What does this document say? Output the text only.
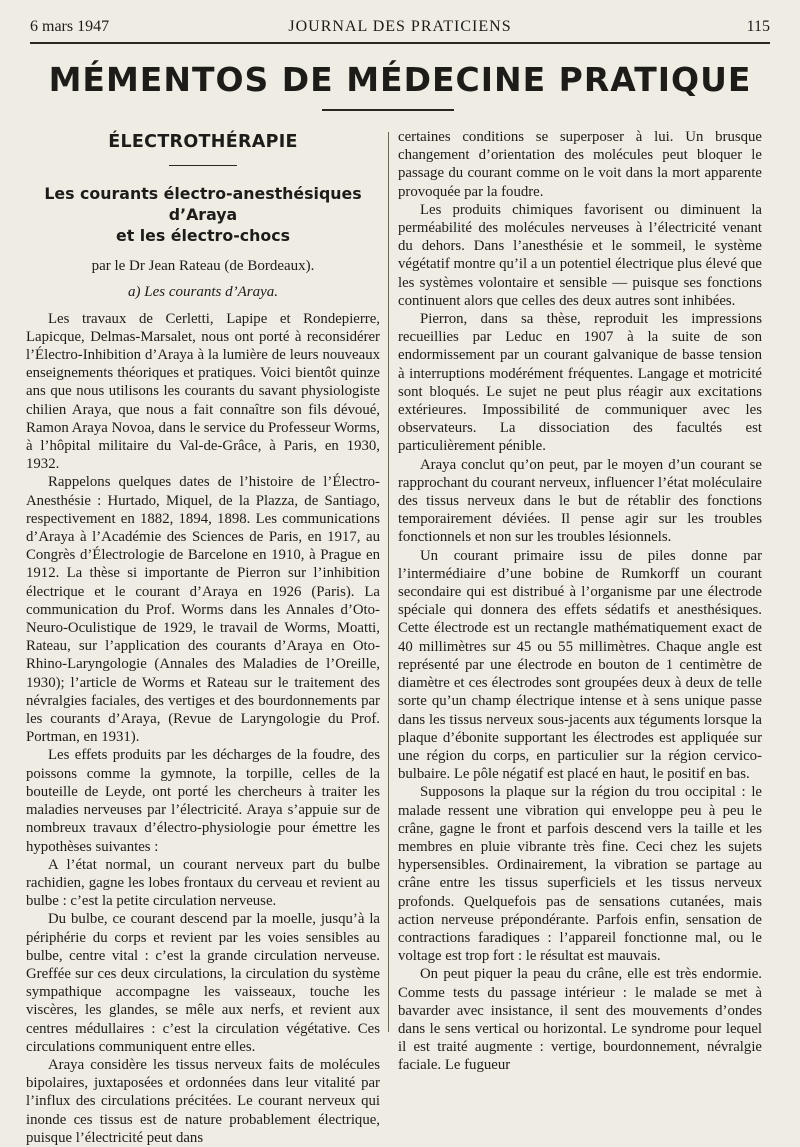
6 mars 1947	JOURNAL DES PRATICIENS	115
MÉMENTOS DE MÉDECINE PRATIQUE
ÉLECTROTHÉRAPIE
Les courants électro-anesthésiques d’Araya
et les électro-chocs
par le Dr Jean Rateau (de Bordeaux).
a) Les courants d’Araya.

Les travaux de Cerletti, Lapipe et Rondepierre, Lapicque, Delmas-Marsalet, nous ont porté à reconsidérer l’Électro-Inhibition d’Araya à la lumière de leurs nouveaux enseignements théoriques et pratiques. Voici bientôt quinze ans que nous utilisons les courants du savant physiologiste chilien Araya, que nous a fait connaître son fils dévoué, Ramon Araya Novoa, dans le service du Professeur Worms, à l’hôpital militaire du Val-de-Grâce, à Paris, en 1930, 1932.

Rappelons quelques dates de l’histoire de l’Électro-Anesthésie : Hurtado, Miquel, de la Plazza, de Santiago, respectivement en 1882, 1894, 1898. Les communications d’Araya à l’Académie des Sciences de Paris, en 1917, au Congrès d’Électrologie de Barcelone en 1910, à Prague en 1912. La thèse si importante de Pierron sur l’inhibition électrique et le courant d’Araya en 1926 (Paris). La communication du Prof. Worms dans les Annales d’Oto-Neuro-Oculistique de 1929, le travail de Worms, Moatti, Rateau, sur l’application des courants d’Araya en Oto-Rhino-Laryngologie (Annales des Maladies de l’Oreille, 1930); l’article de Worms et Rateau sur le traitement des névralgies faciales, des vertiges et des bourdonnements par les courants d’Araya, (Revue de Laryngologie du Prof. Portman, en 1931).

Les effets produits par les décharges de la foudre, des poissons comme la gymnote, la torpille, celles de la bouteille de Leyde, ont porté les chercheurs à traiter les maladies nerveuses par l’électricité. Araya s’appuie sur de nombreux travaux d’électro-physiologie pour émettre les hypothèses suivantes :

A l’état normal, un courant nerveux part du bulbe rachidien, gagne les lobes frontaux du cerveau et revient au bulbe : c’est la petite circulation nerveuse.

Du bulbe, ce courant descend par la moelle, jusqu’à la périphérie du corps et revient par les voies sensibles au bulbe, centre vital : c’est la grande circulation nerveuse. Greffée sur ces deux circulations, la circulation du système sympathique accompagne les vaisseaux, touche les viscères, les glandes, se mêle aux nerfs, et revient aux centres médullaires : c’est la circulation végétative. Ces circulations communiquent entre elles.

Araya considère les tissus nerveux faits de molécules bipolaires, juxtaposées et ordonnées dans leur vitalité par l’influx des circulations précitées. Le courant nerveux qui inonde ces tissus est de nature probablement électrique, puisque l’électricité peut dans

certaines conditions se superposer à lui. Un brusque changement d’orientation des molécules peut bloquer le passage du courant comme on le voit dans la mort apparente provoquée par la foudre.

Les produits chimiques favorisent ou diminuent la perméabilité des molécules nerveuses à l’électricité venant du dehors. Dans l’anesthésie et le sommeil, le système végétatif montre qu’il a un potentiel électrique plus élevé que les systèmes volontaire et sensible — puisque ses fonctions continuent alors que celles des deux autres sont inhibées.

Pierron, dans sa thèse, reproduit les impressions recueillies par Leduc en 1907 à la suite de son endormissement par un courant galvanique de basse tension à interruptions modérément fréquentes. Langage et motricité sont bloqués. Le sujet ne peut plus réagir aux excitations extérieures. Impossibilité de communiquer avec les observateurs. La dissociation des facultés est particulièrement pénible.

Araya conclut qu’on peut, par le moyen d’un courant se rapprochant du courant nerveux, influencer l’état moléculaire des tissus nerveux dans le but de rétablir des fonctions temporairement déviées. Il pense agir sur les troubles fonctionnels et non sur les troubles lésionnels.

Un courant primaire issu de piles donne par l’intermédiaire d’une bobine de Rumkorff un courant secondaire qui est distribué à l’organisme par une électrode spéciale qui donnera des effets sédatifs et anesthésiques. Cette électrode est un rectangle mathématiquement exact de 40 millimètres sur 45 ou 55 millimètres. Chaque angle est représenté par une électrode en bouton de 1 centimètre de diamètre et ces électrodes sont groupées deux à deux de telle sorte qu’un champ électrique intense et à sens unique passe dans les tissus nerveux sous-jacents aux téguments lorsque la plaque d’ébonite supportant les électrodes est appliquée sur une région du corps, en particulier sur la région cervico-bulbaire. Le pôle négatif est placé en haut, le positif en bas.

Supposons la plaque sur la région du trou occipital : le malade ressent une vibration qui enveloppe peu à peu le crâne, gagne le front et parfois descend vers la taille et les membres en pluie vibrante très fine. Ceci chez les sujets hypersensibles. Ordinairement, la vibration se partage au crâne entre les tissus superficiels et les tissus nerveux profonds. Quelquefois pas de sensations cutanées, mais action nerveuse prépondérante. Parfois enfin, sensation de contractions faradiques : l’appareil fonctionne mal, ou le voltage est trop fort : le résultat est mauvais.

On peut piquer la peau du crâne, elle est très endormie. Comme tests du passage intérieur : le malade se met à bavarder avec insistance, il sent des mouvements d’ondes dans le sens vertical ou horizontal. Le syndrome pour lequel il est traité augmente : vertige, bourdonnement, névralgie faciale. Le fugueur
